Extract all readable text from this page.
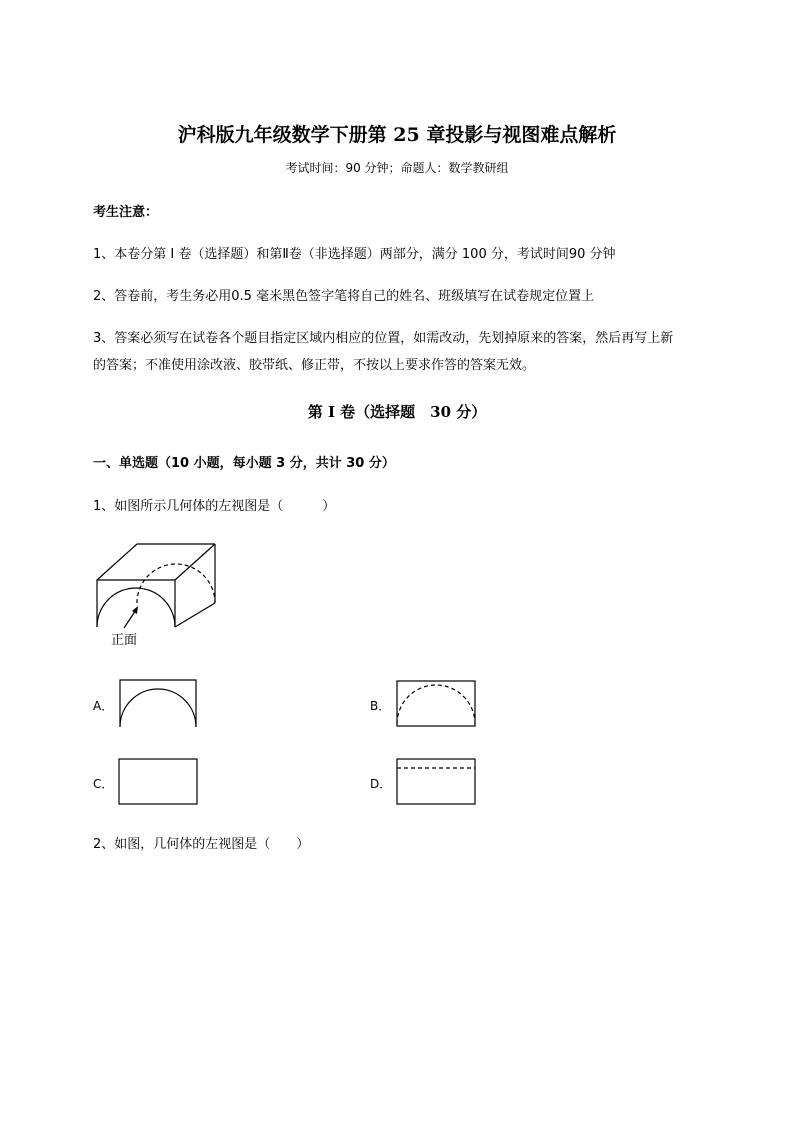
沪科版九年级数学下册第 25 章投影与视图难点解析
考试时间：90 分钟；命题人：数学教研组
考生注意：
1、本卷分第 I 卷（选择题）和第Ⅱ卷（非选择题）两部分，满分 100 分，考试时间90 分钟
2、答卷前，考生务必用0.5 毫米黑色签字笔将自己的姓名、班级填写在试卷规定位置上
3、答案必须写在试卷各个题目指定区域内相应的位置，如需改动，先划掉原来的答案，然后再写上新
的答案；不准使用涂改液、胶带纸、修正带，不按以上要求作答的答案无效。
第 I 卷（选择题　30 分）
一、单选题（10 小题，每小题 3 分，共计 30 分）
1、如图所示几何体的左视图是（　　　）
正面
A．	B．
C．	D．
2、如图，几何体的左视图是（　　）
